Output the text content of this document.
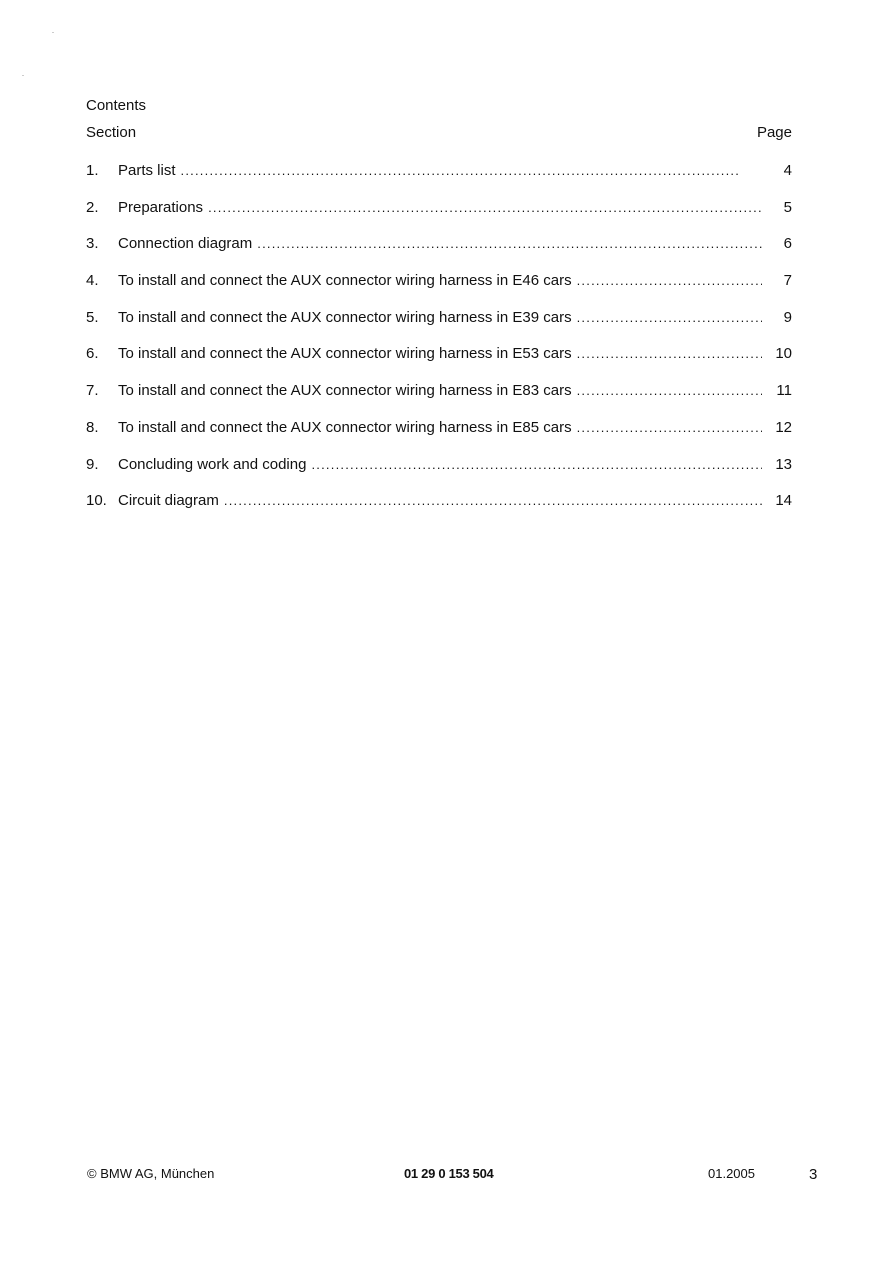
Contents
Section	Page
1.	Parts list . . .	4
2.	Preparations . . .	5
3.	Connection diagram . . .	6
4.	To install and connect the AUX connector wiring harness in E46 cars . . .	7
5.	To install and connect the AUX connector wiring harness in E39 cars . . .	9
6.	To install and connect the AUX connector wiring harness in E53 cars . . .	10
7.	To install and connect the AUX connector wiring harness in E83 cars . . .	11
8.	To install and connect the AUX connector wiring harness in E85 cars . . .	12
9.	Concluding work and coding . . .	13
10. Circuit diagram . . .	14
© BMW AG, München	01 29 0 153 504	01.2005	3
